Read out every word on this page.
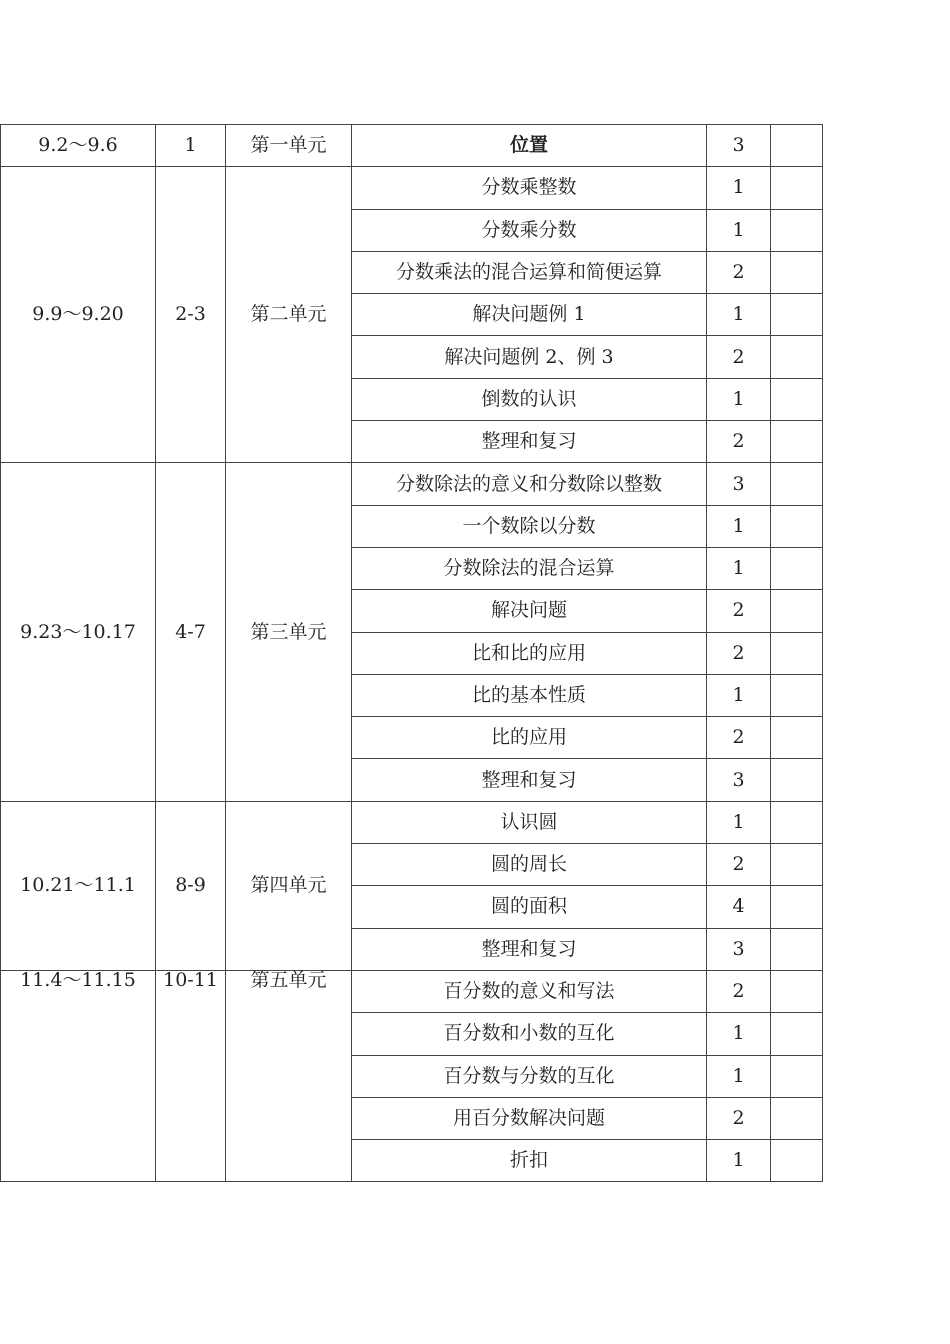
9.2～9.6	1	第一单元	位置	3	
9.9～9.20	2-3	第二单元	分数乘整数	1	
			分数乘分数	1	
			分数乘法的混合运算和简便运算	2	
			解决问题例 1	1	
			解决问题例 2、例 3	2	
			倒数的认识	1	
			整理和复习	2	
9.23～10.17	4-7	第三单元	分数除法的意义和分数除以整数	3	
			一个数除以分数	1	
			分数除法的混合运算	1	
			解决问题	2	
			比和比的应用	2	
			比的基本性质	1	
			比的应用	2	
			整理和复习	3	
10.21～11.1	8-9	第四单元	认识圆	1	
			圆的周长	2	
			圆的面积	4	
			整理和复习	3	
11.4～11.15	10-11	第五单元	百分数的意义和写法	2	
			百分数和小数的互化	1	
			百分数与分数的互化	1	
			用百分数解决问题	2	
			折扣	1	
